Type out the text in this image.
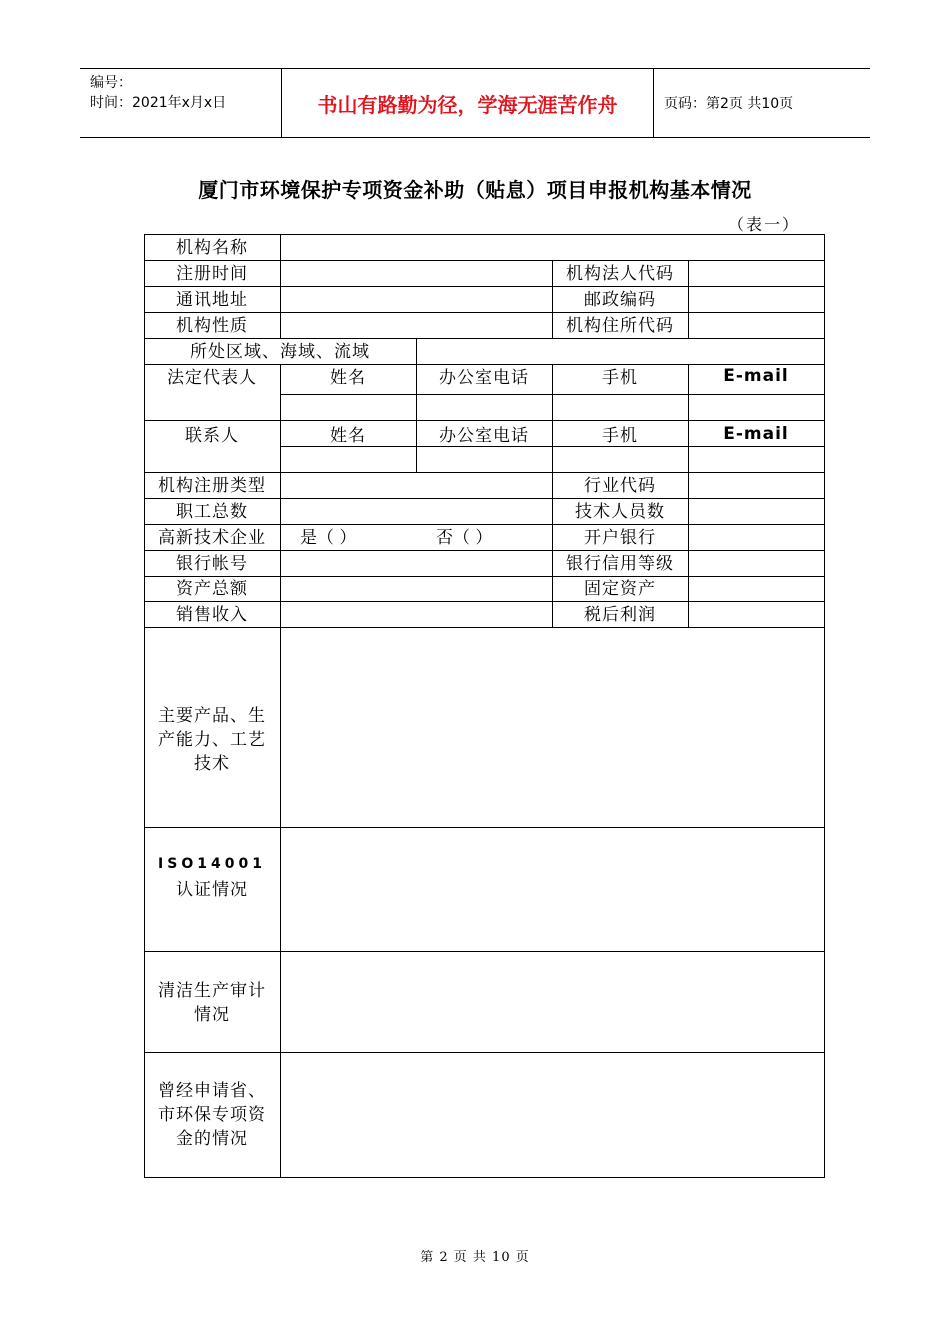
编号：
时间：2021年x月x日	书山有路勤为径，学海无涯苦作舟	页码：第2页 共10页
厦门市环境保护专项资金补助（贴息）项目申报机构基本情况
（表一）
机构名称
注册时间	机构法人代码
通讯地址	邮政编码
机构性质	机构住所代码
所处区域、海域、流域
法定代表人	姓名	办公室电话	手机	E-mail
联系人	姓名	办公室电话	手机	E-mail
机构注册类型	行业代码
职工总数	技术人员数
高新技术企业	是（ ）	否（ ）	开户银行
银行帐号	银行信用等级
资产总额	固定资产
销售收入	税后利润
主要产品、生产能力、工艺技术
ISO14001
认证情况
清洁生产审计情况
曾经申请省、市环保专项资金的情况
第 2 页 共 10 页
